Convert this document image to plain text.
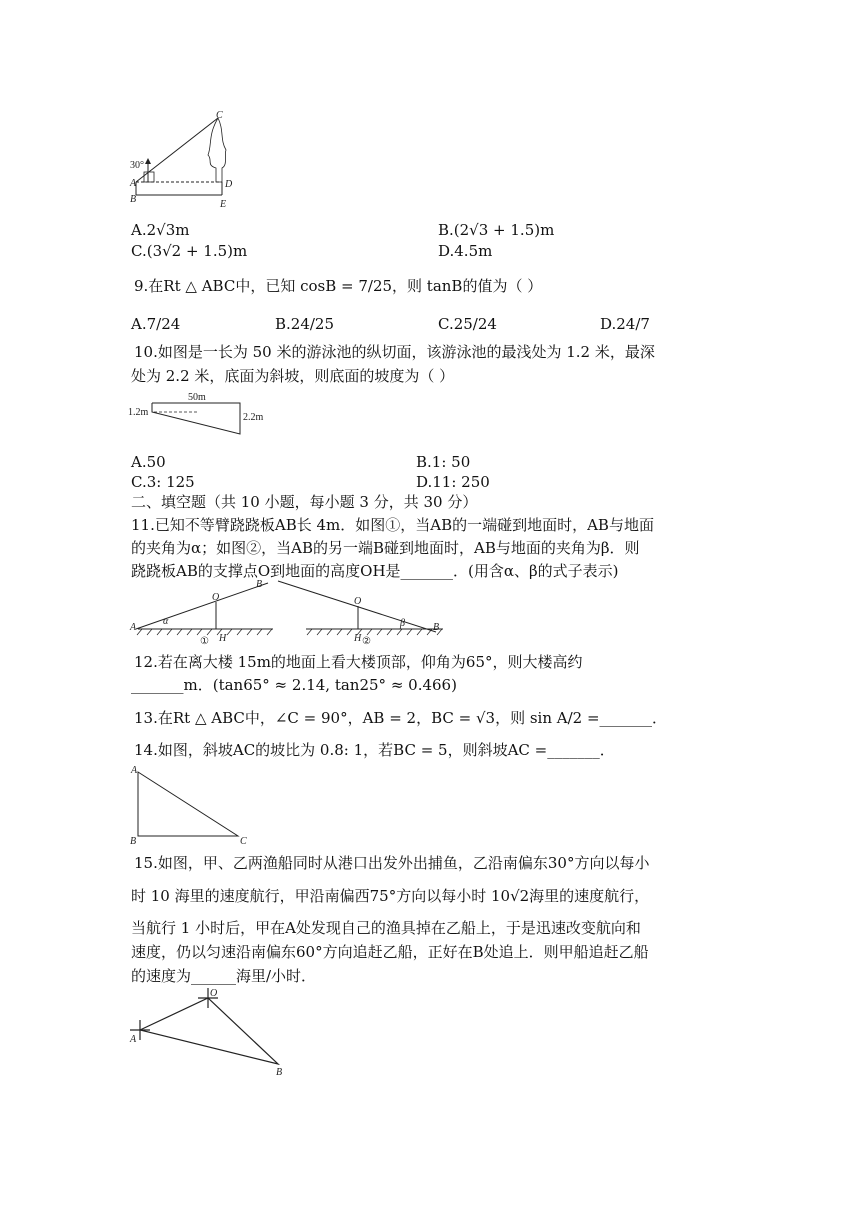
C
30°
A
B
D
E
A.2√3m	B.(2√3 + 1.5)m
C.(3√2 + 1.5)m	D.4.5m
9.在Rt △ ABC中，已知 cosB = 7/25，则 tanB的值为（ ）
A.7/24	B.24/25	C.25/24	D.24/7
10.如图是一长为 50 米的游泳池的纵切面，该游泳池的最浅处为 1.2 米，最深
处为 2.2 米，底面为斜坡，则底面的坡度为（ ）
50m
1.2m	2.2m
A.50	B.1: 50
C.3: 125	D.11: 250
二、填空题（共 10 小题，每小题 3 分，共 30 分）
11.已知不等臂跷跷板AB长 4m．如图①，当AB的一端碰到地面时，AB与地面
的夹角为α；如图②，当AB的另一端B碰到地面时，AB与地面的夹角为β．则
跷跷板AB的支撑点O到地面的高度OH是_______．(用含α、β的式子表示)
A
B
O
H
α
①
O
H
β	B
②
12.若在离大楼 15m的地面上看大楼顶部，仰角为65°，则大楼高约
_______m．(tan65° ≈ 2.14, tan25° ≈ 0.466)
13.在Rt △ ABC中，∠C = 90°，AB = 2，BC = √3，则 sin A/2 =_______．
14.如图，斜坡AC的坡比为 0.8: 1，若BC = 5，则斜坡AC =_______．
A
B	C
15.如图，甲、乙两渔船同时从港口出发外出捕鱼，乙沿南偏东30°方向以每小
时 10 海里的速度航行，甲沿南偏西75°方向以每小时 10√2海里的速度航行，
当航行 1 小时后，甲在A处发现自己的渔具掉在乙船上，于是迅速改变航向和
速度，仍以匀速沿南偏东60°方向追赶乙船，正好在B处追上．则甲船追赶乙船
的速度为______海里/小时．
O
A
B
